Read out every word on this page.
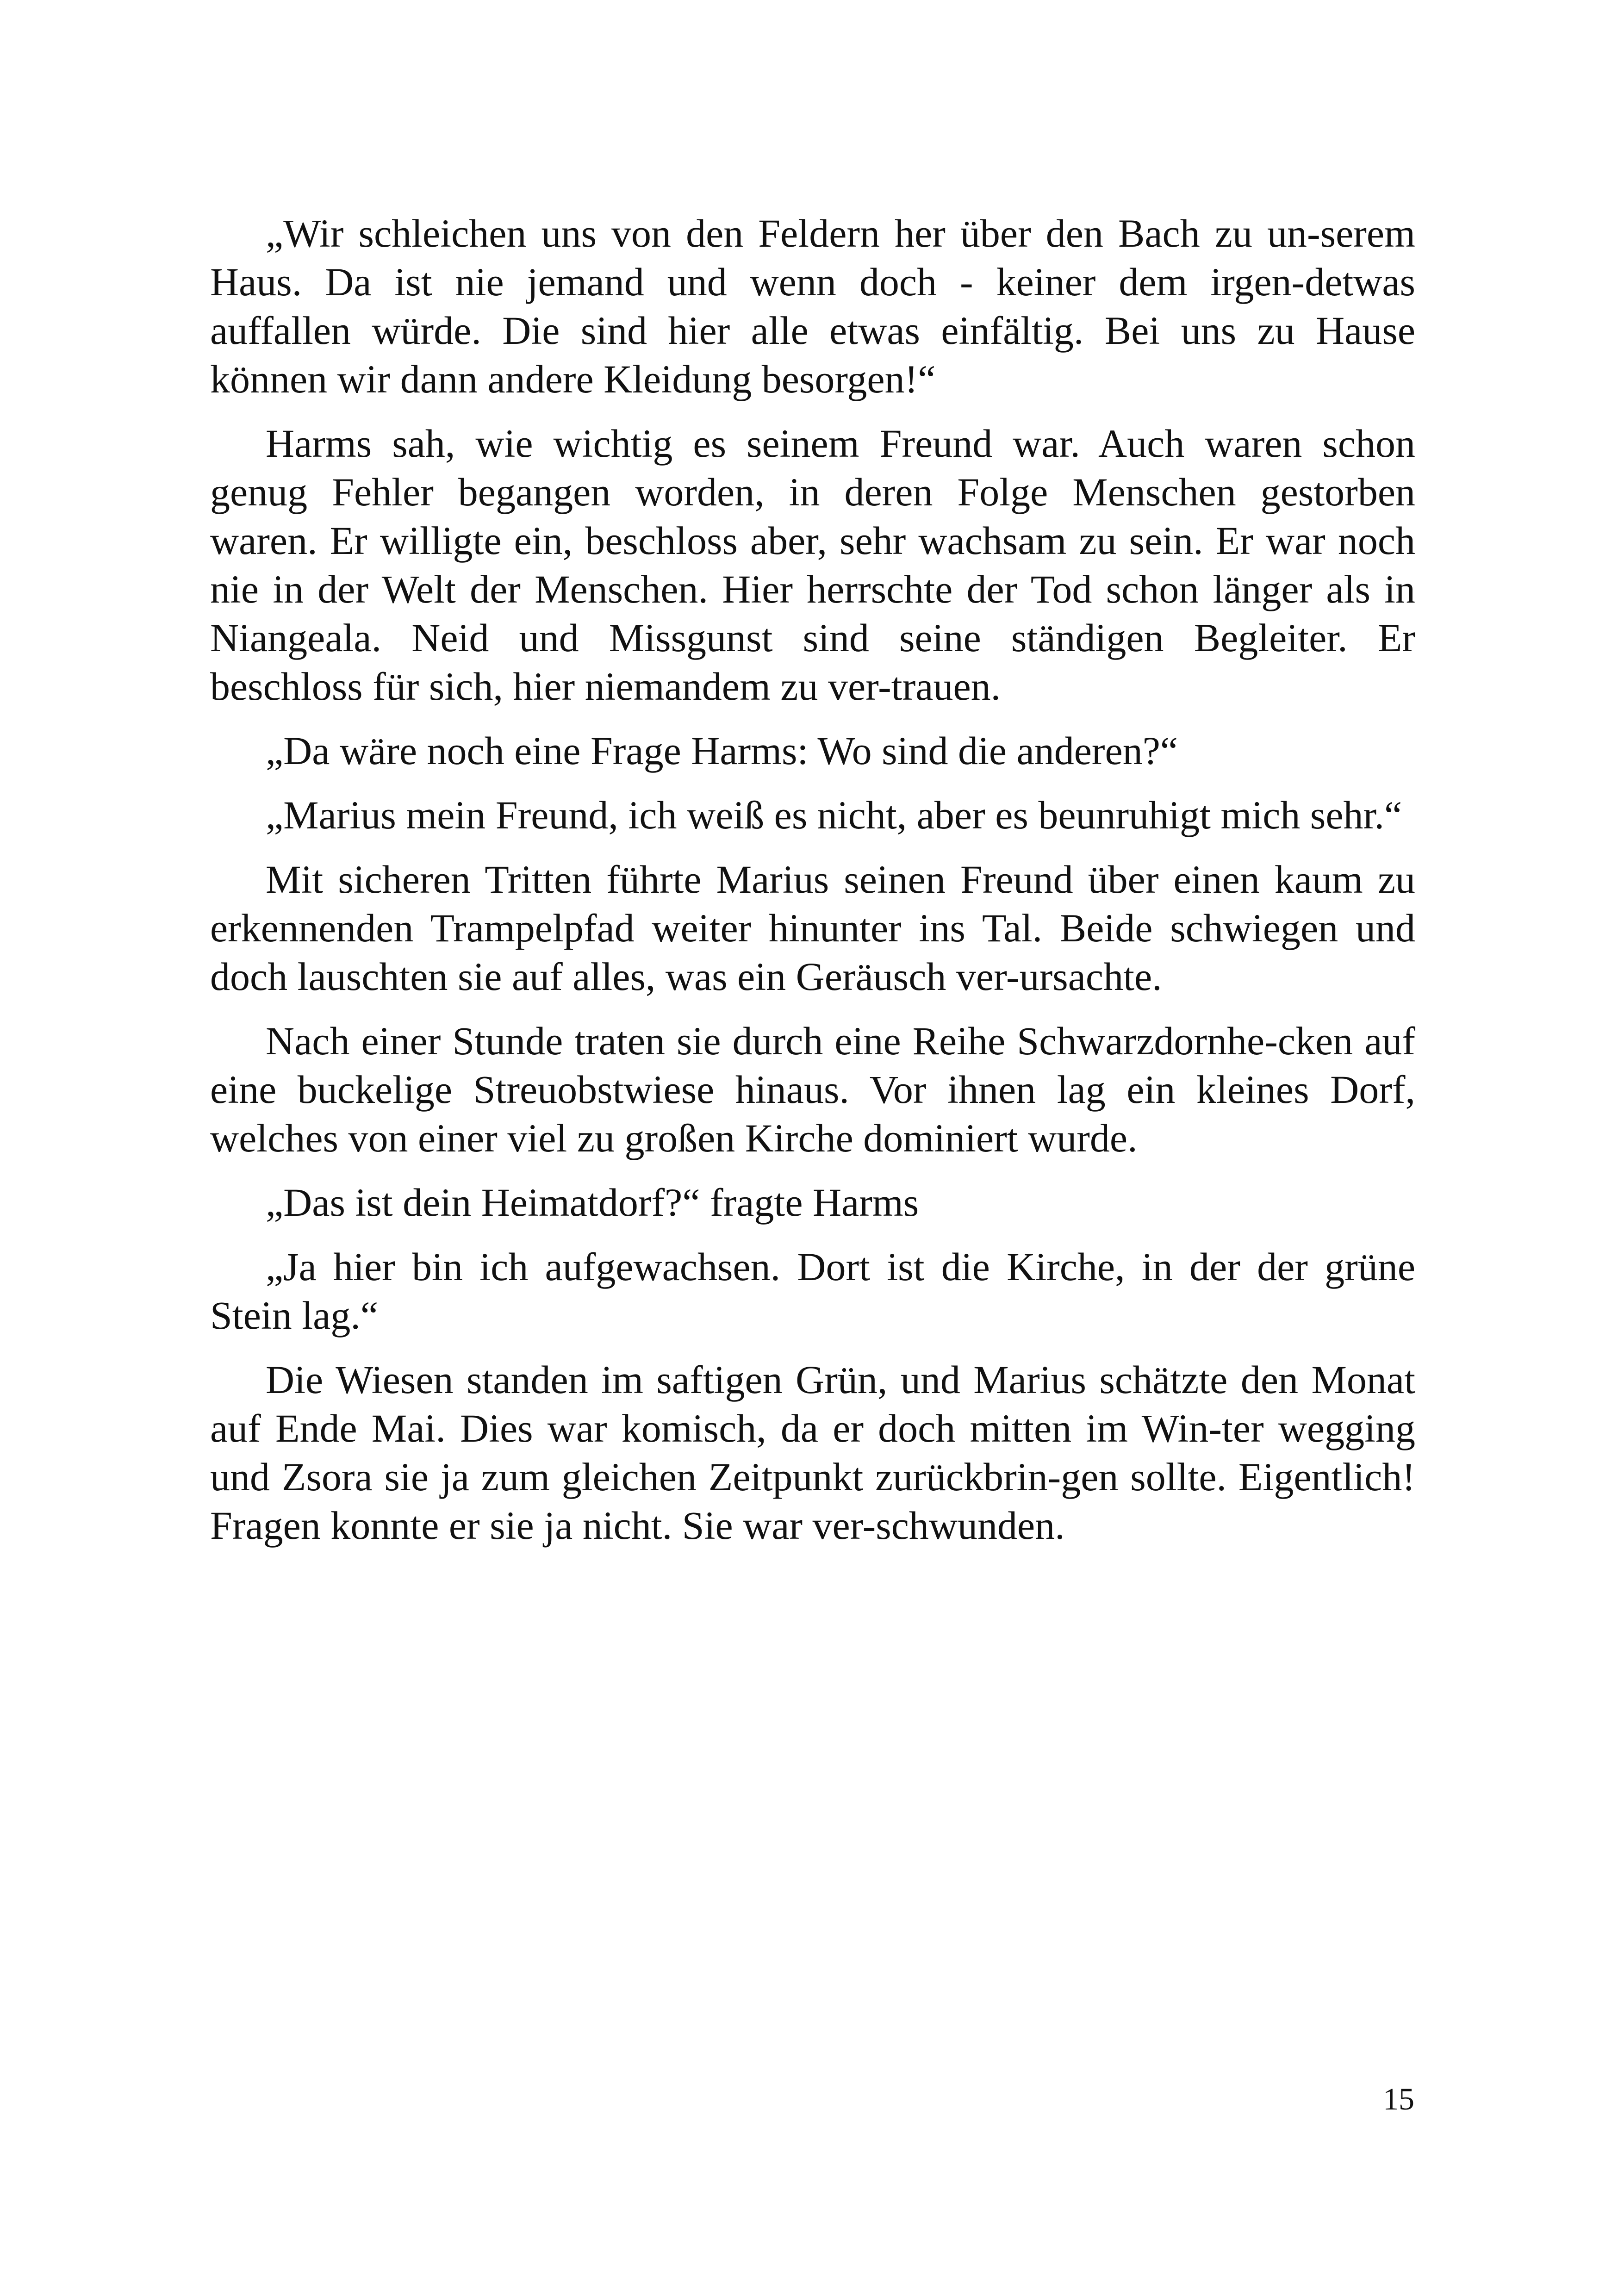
„Wir schleichen uns von den Feldern her über den Bach zu un-serem Haus. Da ist nie jemand und wenn doch - keiner dem irgen-detwas auffallen würde. Die sind hier alle etwas einfältig. Bei uns zu Hause können wir dann andere Kleidung besorgen!“

Harms sah, wie wichtig es seinem Freund war. Auch waren schon genug Fehler begangen worden, in deren Folge Menschen gestorben waren. Er willigte ein, beschloss aber, sehr wachsam zu sein. Er war noch nie in der Welt der Menschen. Hier herrschte der Tod schon länger als in Niangeala. Neid und Missgunst sind seine ständigen Begleiter. Er beschloss für sich, hier niemandem zu ver-trauen.

„Da wäre noch eine Frage Harms: Wo sind die anderen?“

„Marius mein Freund, ich weiß es nicht, aber es beunruhigt mich sehr.“

Mit sicheren Tritten führte Marius seinen Freund über einen kaum zu erkennenden Trampelpfad weiter hinunter ins Tal. Beide schwiegen und doch lauschten sie auf alles, was ein Geräusch ver-ursachte.

Nach einer Stunde traten sie durch eine Reihe Schwarzdornhe-cken auf eine buckelige Streuobstwiese hinaus. Vor ihnen lag ein kleines Dorf, welches von einer viel zu großen Kirche dominiert wurde.

„Das ist dein Heimatdorf?“ fragte Harms

„Ja hier bin ich aufgewachsen. Dort ist die Kirche, in der der grüne Stein lag.“

Die Wiesen standen im saftigen Grün, und Marius schätzte den Monat auf Ende Mai. Dies war komisch, da er doch mitten im Win-ter wegging und Zsora sie ja zum gleichen Zeitpunkt zurückbrin-gen sollte. Eigentlich! Fragen konnte er sie ja nicht. Sie war ver-schwunden.

15
